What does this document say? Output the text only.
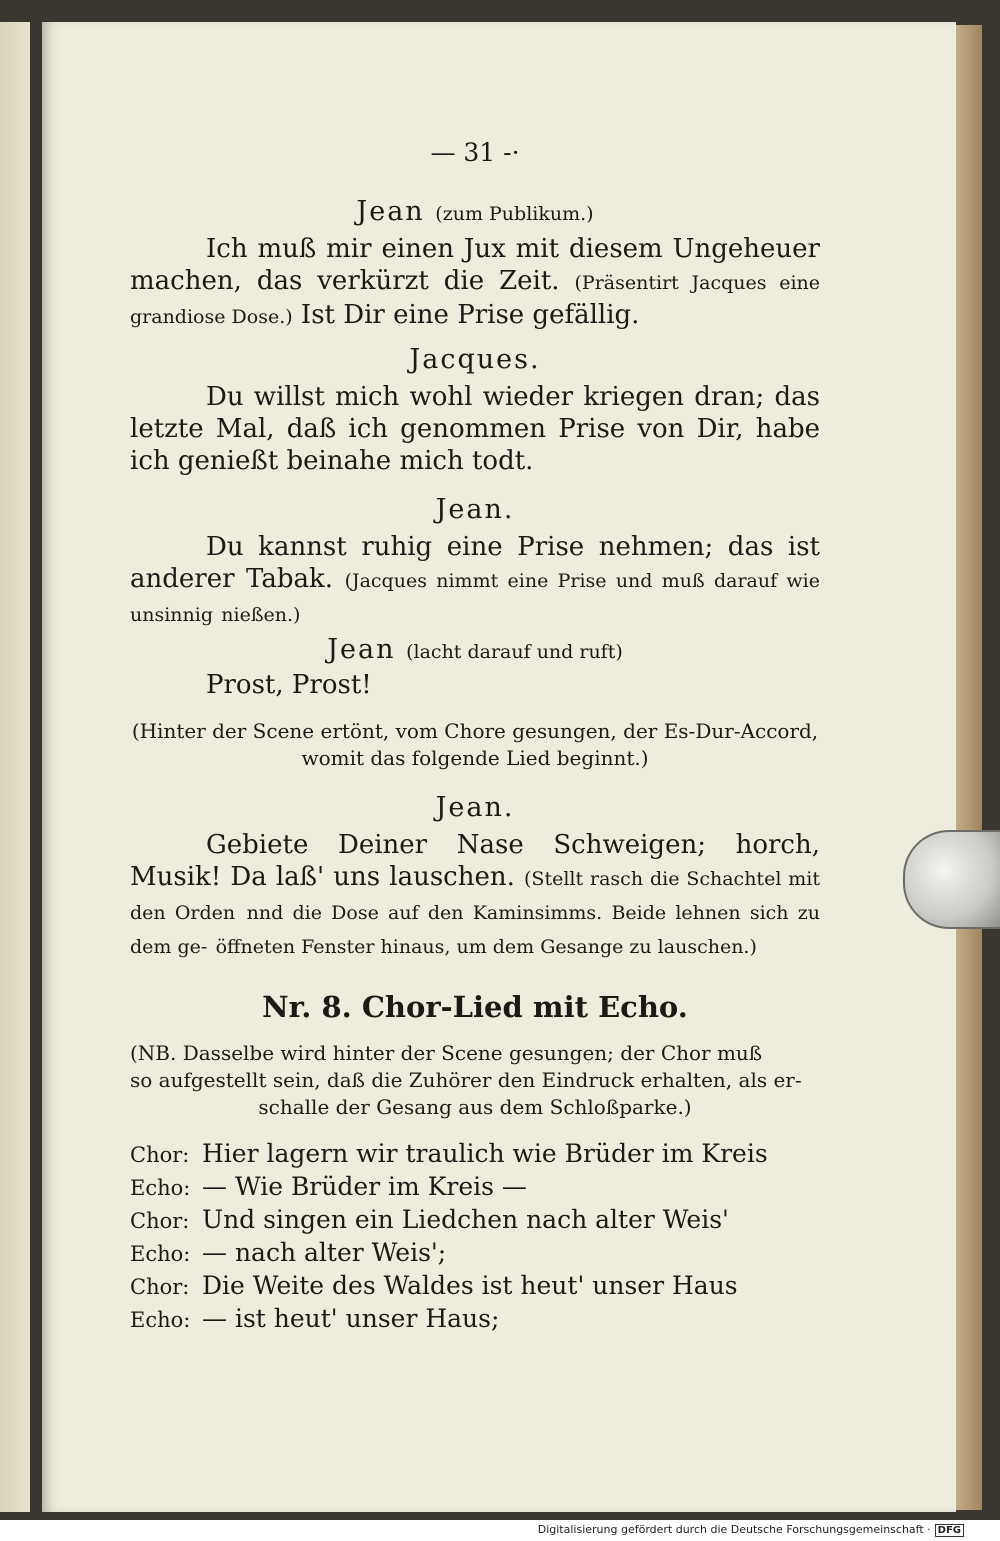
— 31 -·

Jean (zum Publikum.)

Ich muß mir einen Jux mit diesem Ungeheuer machen, das verkürzt die Zeit. (Präsentirt Jacques eine grandiose Dose.) Ist Dir eine Prise gefällig.

Jacques.

Du willst mich wohl wieder kriegen dran; das letzte Mal, daß ich genommen Prise von Dir, habe ich genießt beinahe mich todt.

Jean.

Du kannst ruhig eine Prise nehmen; das ist anderer Tabak. (Jacques nimmt eine Prise und muß darauf wie unsinnig nießen.)

Jean (lacht darauf und ruft)

Prost, Prost!

(Hinter der Scene ertönt, vom Chore gesungen, der Es-Dur-Accord,

womit das folgende Lied beginnt.)

Jean.

Gebiete Deiner Nase Schweigen; horch, Musik! Da laß' uns lauschen. (Stellt rasch die Schachtel mit den Orden nnd die Dose auf den Kaminsimms. Beide lehnen sich zu dem ge- öffneten Fenster hinaus, um dem Gesange zu lauschen.)

Nr. 8. Chor-Lied mit Echo.

(NB. Dasselbe wird hinter der Scene gesungen; der Chor muß

so aufgestellt sein, daß die Zuhörer den Eindruck erhalten, als er-

schalle der Gesang aus dem Schloßparke.)

Chor: Hier lagern wir traulich wie Brüder im Kreis

Echo: — Wie Brüder im Kreis —

Chor: Und singen ein Liedchen nach alter Weis'

Echo: — nach alter Weis';

Chor: Die Weite des Waldes ist heut' unser Haus

Echo: — ist heut' unser Haus;

Digitalisierung gefördert durch die Deutsche Forschungsgemeinschaft · DFG
